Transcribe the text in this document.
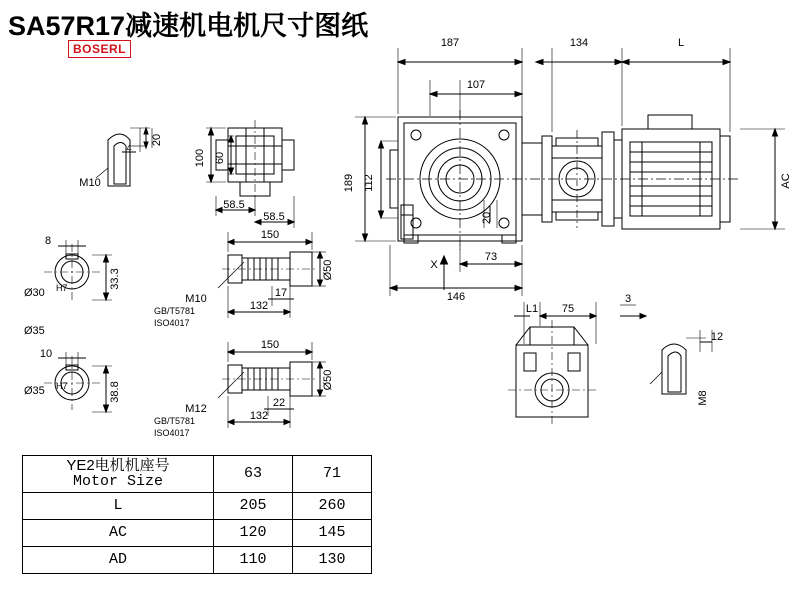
SA57R17减速机电机尺寸图纸
BOSERL	187
107
134	L
189 112	AC
73
146
X
20
20
4
M10
100 60
58.5
58.5
8
Ø30 H7	33.3
Ø35
10
Ø35 H7	38.8
150
M10
GB/T5781
ISO4017
17
132
Ø50
150
M12
GB/T5781
ISO4017
22
132
Ø50
L1 75
3
12
M8
YE2电机机座号
Motor Size	63	71
L	205	260
AC	120	145
AD	110	130
